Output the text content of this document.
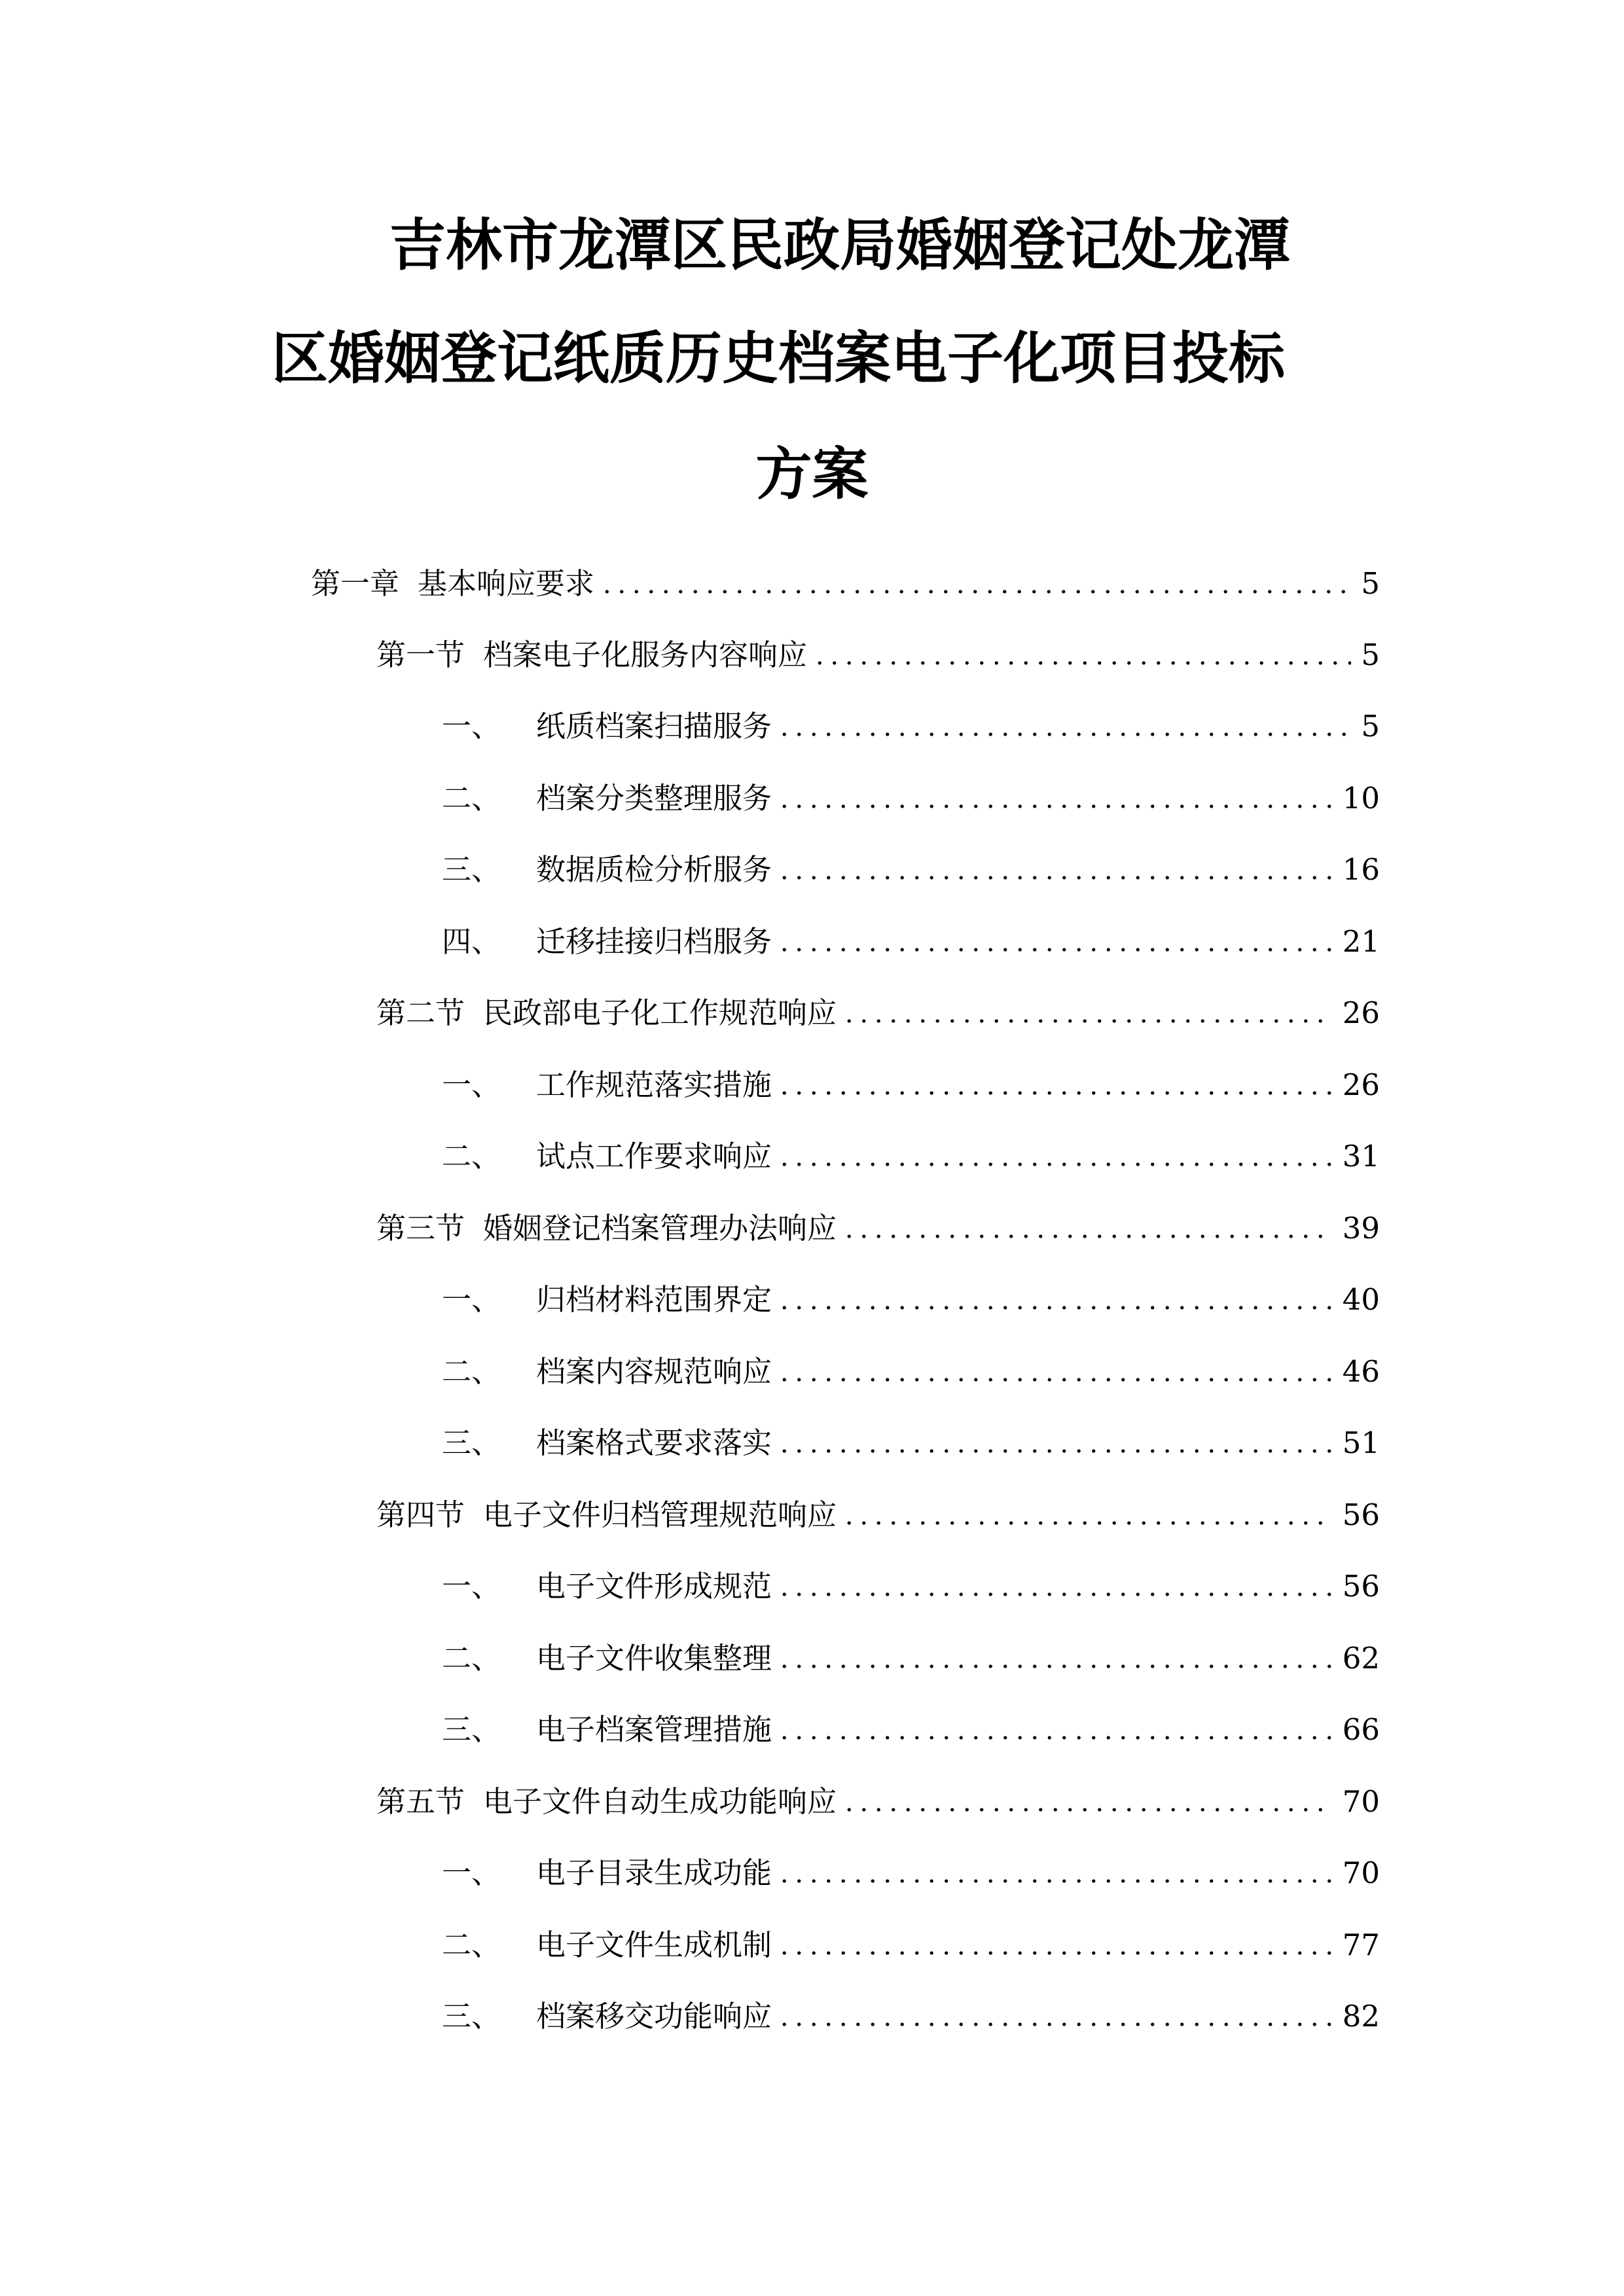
吉林市龙潭区民政局婚姻登记处龙潭
区婚姻登记纸质历史档案电子化项目投标
方案
第一章 基本响应要求	5
第一节 档案电子化服务内容响应	5
一、	纸质档案扫描服务	5
二、	档案分类整理服务	10
三、	数据质检分析服务	16
四、	迁移挂接归档服务	21
第二节 民政部电子化工作规范响应	26
一、	工作规范落实措施	26
二、	试点工作要求响应	31
第三节 婚姻登记档案管理办法响应	39
一、	归档材料范围界定	40
二、	档案内容规范响应	46
三、	档案格式要求落实	51
第四节 电子文件归档管理规范响应	56
一、	电子文件形成规范	56
二、	电子文件收集整理	62
三、	电子档案管理措施	66
第五节 电子文件自动生成功能响应	70
一、	电子目录生成功能	70
二、	电子文件生成机制	77
三、	档案移交功能响应	82
